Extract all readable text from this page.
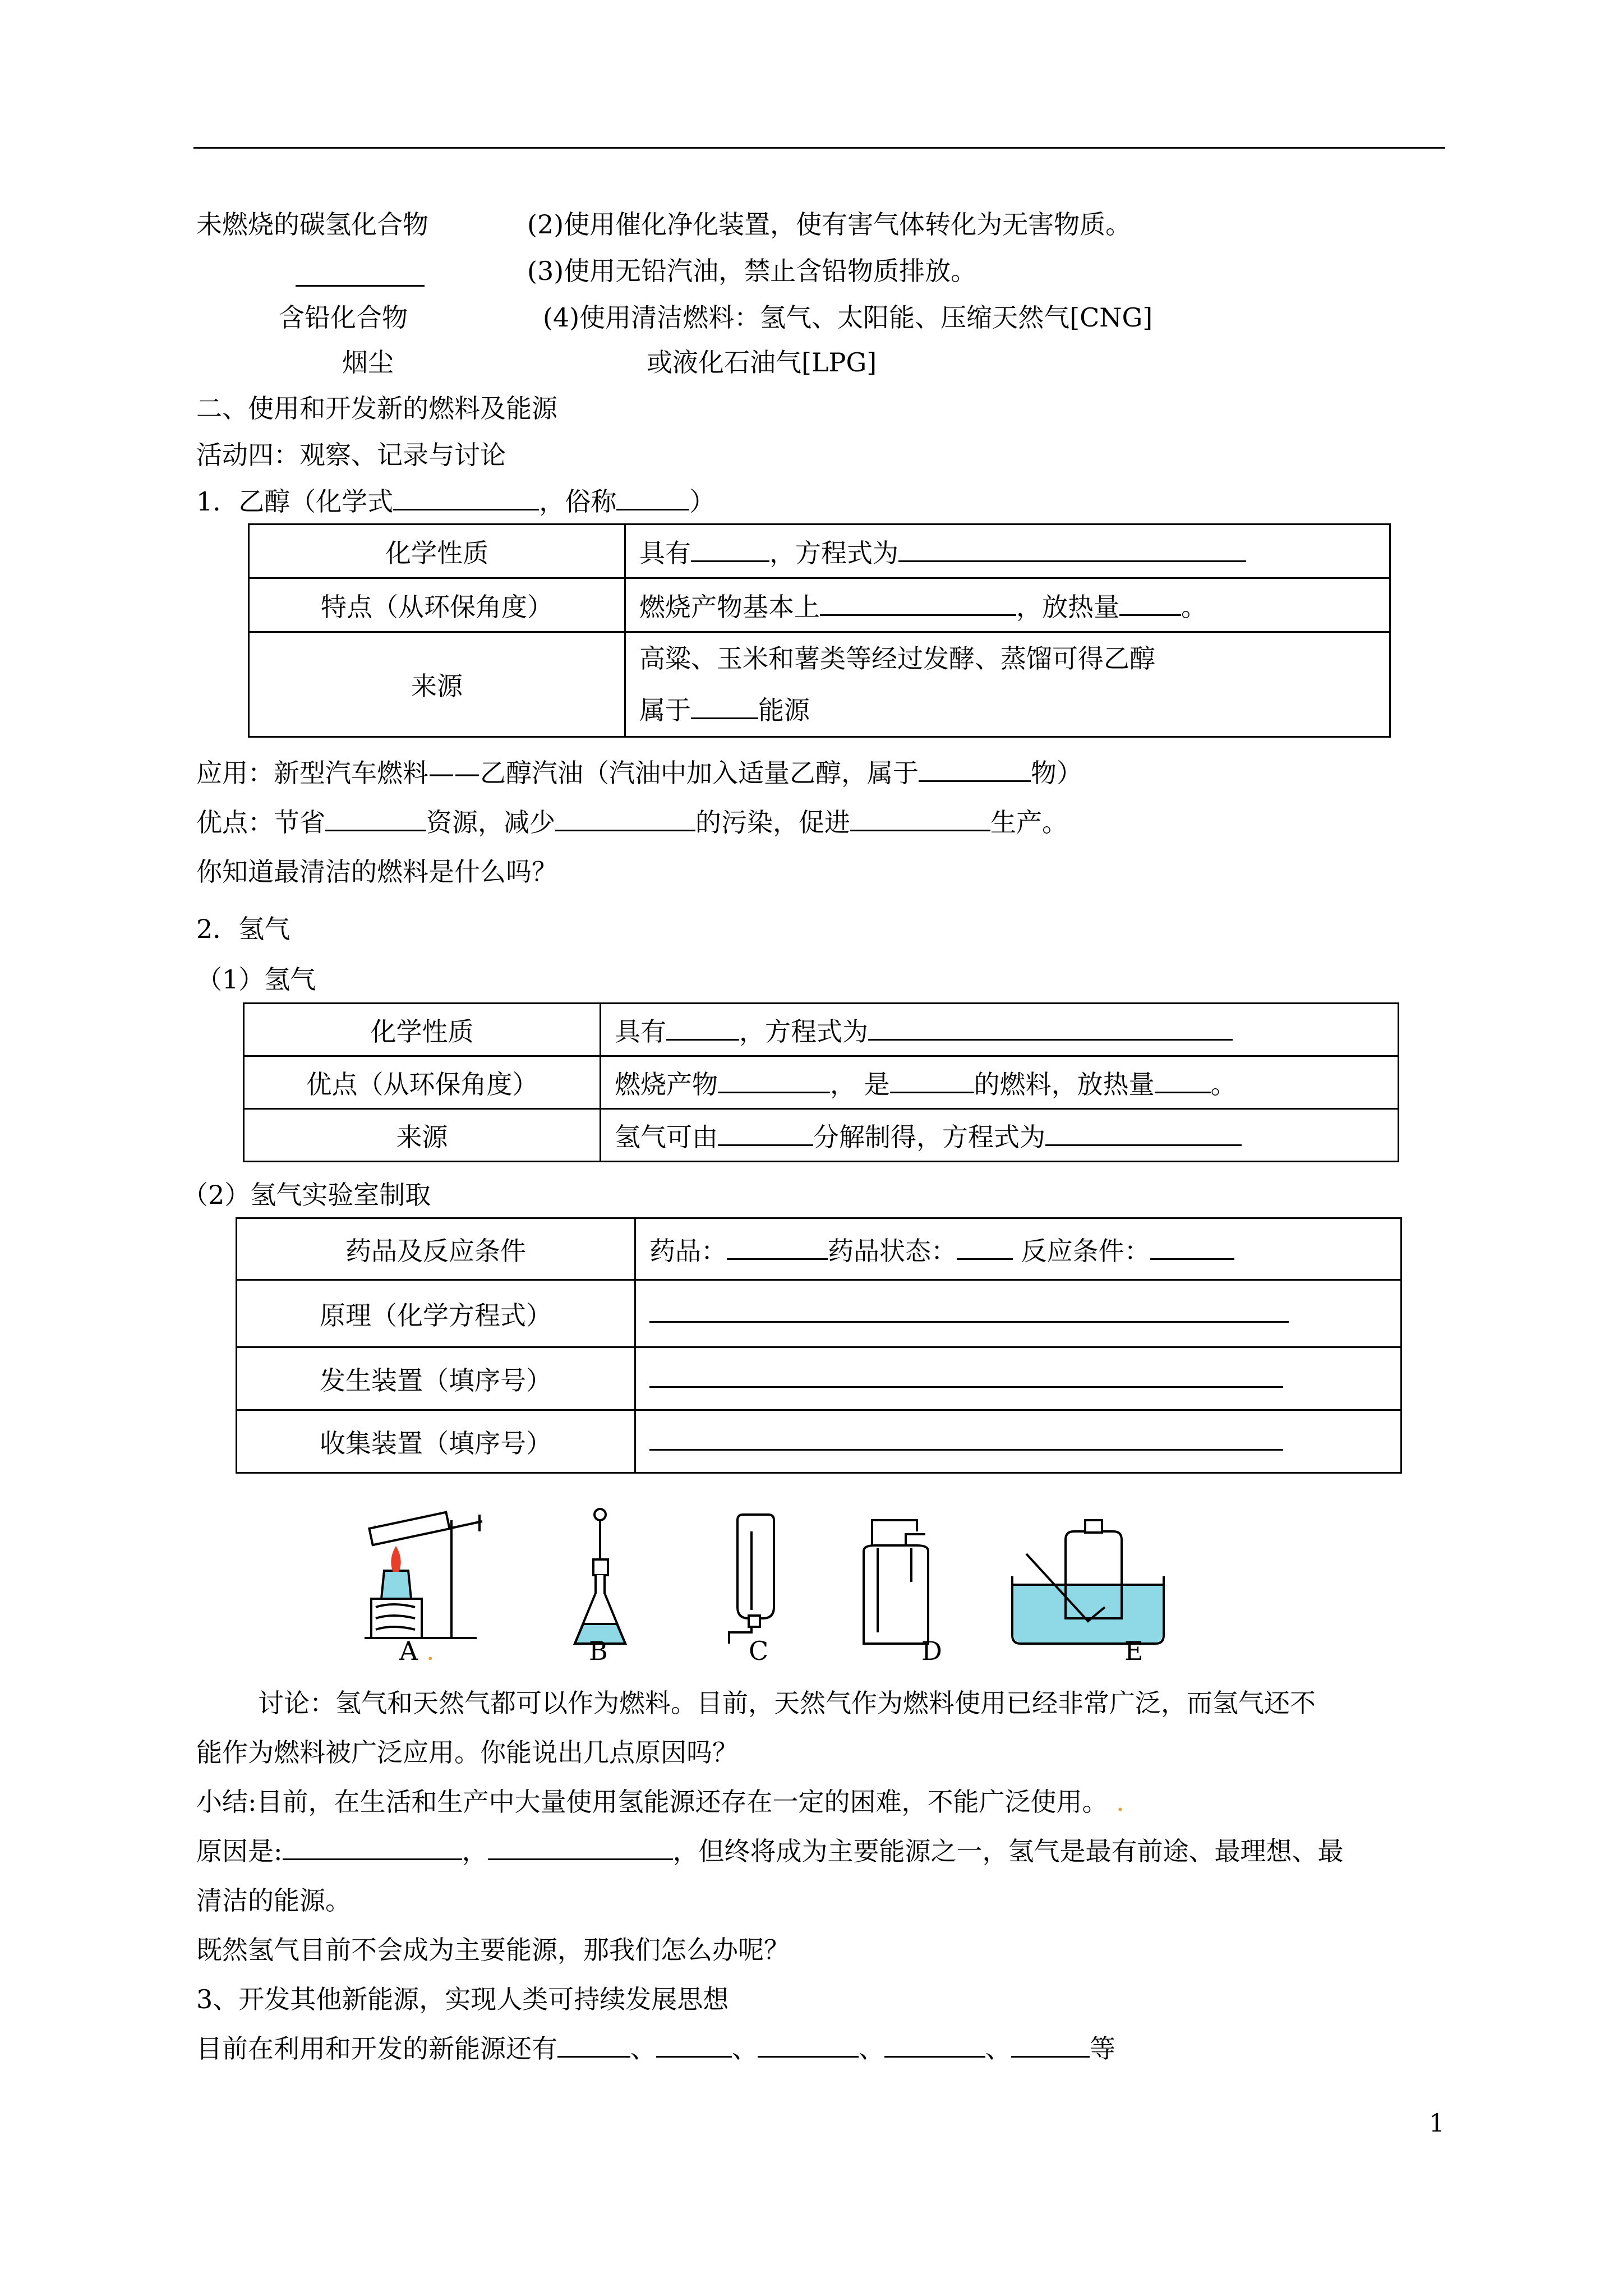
未燃烧的碳氢化合物
含铅化合物
烟尘
(2)使用催化净化装置，使有害气体转化为无害物质。
(3)使用无铅汽油，禁止含铅物质排放。
(4)使用清洁燃料：氢气、太阳能、压缩天然气[CNG]
或液化石油气[LPG]
二、使用和开发新的燃料及能源
活动四：观察、记录与讨论
1．乙醇（化学式	，俗称	）
化学性质	具有 ，方程式为
特点（从环保角度）	燃烧产物基本上 ，放热量 。
来源	高粱、玉米和薯类等经过发酵、蒸馏可得乙醇
属于 能源
应用：新型汽车燃料——乙醇汽油（汽油中加入适量乙醇，属于	物）
优点：节省	资源，减少	的污染，促进	生产。
你知道最清洁的燃料是什么吗？
2．氢气
（1）氢气
化学性质	具有 ，方程式为
优点（从环保角度）	燃烧产物 ， 是 的燃料，放热量 。
来源	氢气可由 分解制得，方程式为
（2）氢气实验室制取
药品及反应条件	药品： 药品状态： 反应条件：
原理（化学方程式）	
发生装置（填序号）	
收集装置（填序号）	
A .	B	C	D	E
讨论：氢气和天然气都可以作为燃料。目前，天然气作为燃料使用已经非常广泛，而氢气还不
能作为燃料被广泛应用。你能说出几点原因吗？
小结:目前，在生活和生产中大量使用氢能源还存在一定的困难，不能广泛使用。 .
原因是:	，	，但终将成为主要能源之一，氢气是最有前途、最理想、最
清洁的能源。
既然氢气目前不会成为主要能源，那我们怎么办呢？
3、开发其他新能源，实现人类可持续发展思想
目前在利用和开发的新能源还有	、	、	、	、	等
1
